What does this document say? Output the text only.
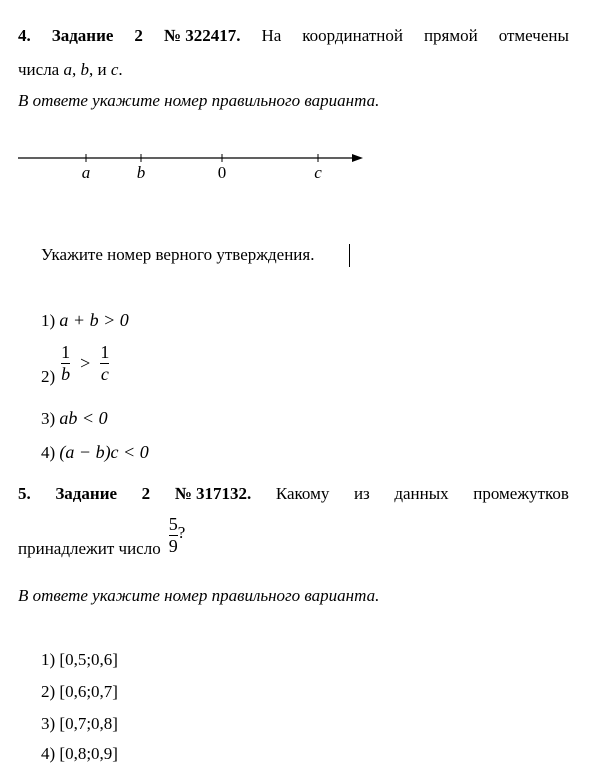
4. Задание 2 № 322417. На координатной прямой отмечены
числа a, b, и c.
В ответе укажите номер правильного варианта.
a	b	0	c
Укажите номер верного утверждения.
1) a + b > 0
$2) \frac{1}{b} > \frac{1}{c}$
3) ab < 0
4) (a − b)c < 0
5. Задание 2 № 317132. Какому из данных промежутков
принадлежит число $\frac{5}{9}$ ?
В ответе укажите номер правильного варианта.
1) [0,5;0,6]
2) [0,6;0,7]
3) [0,7;0,8]
4) [0,8;0,9]
